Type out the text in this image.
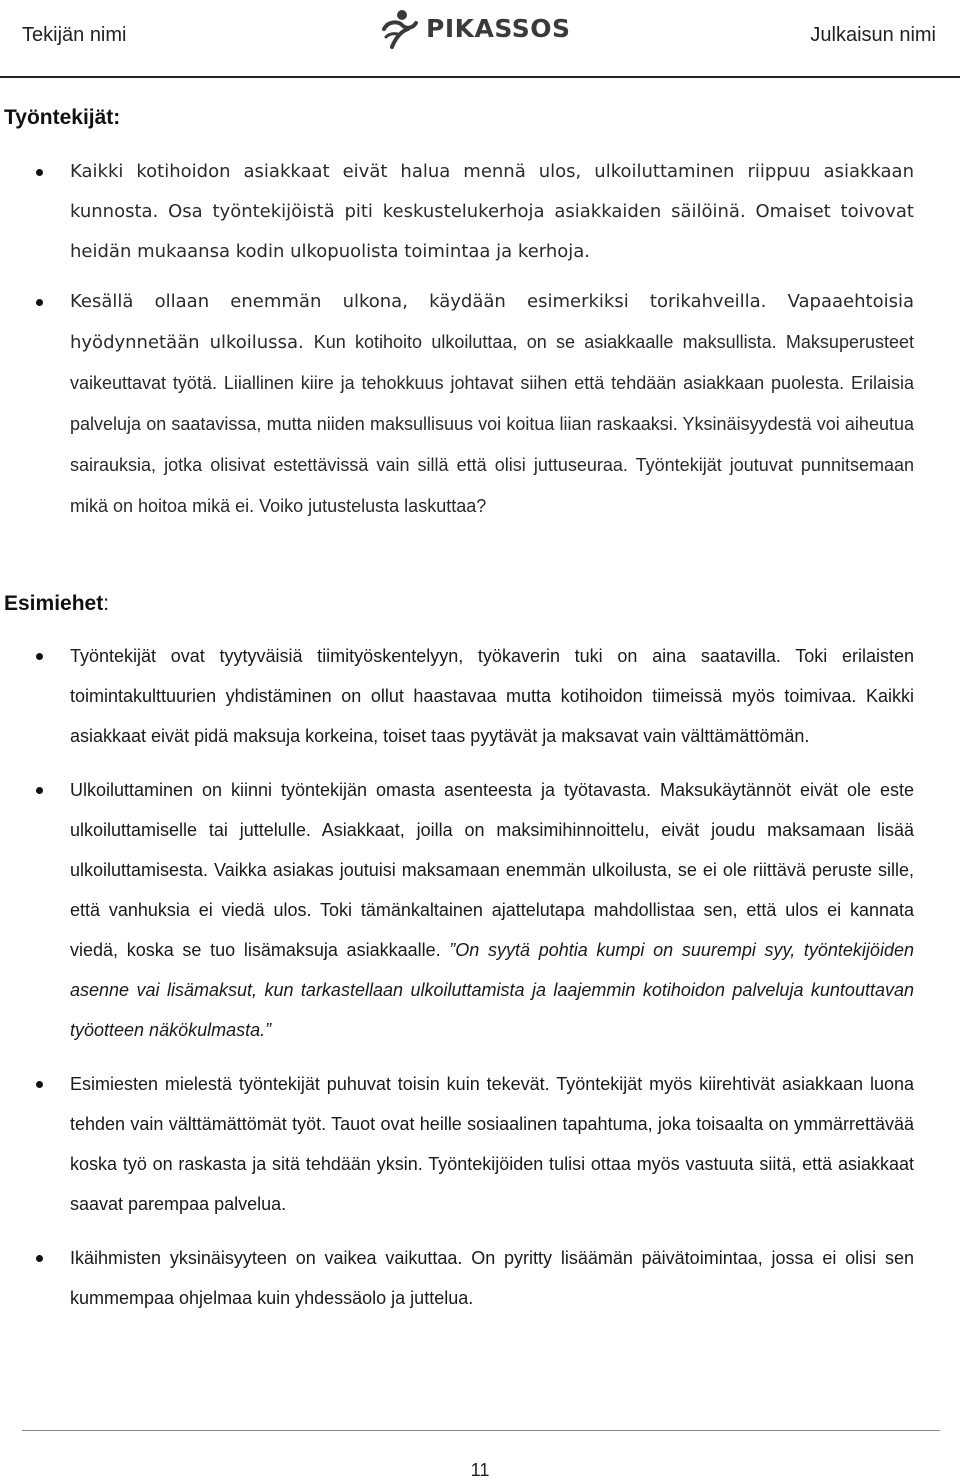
Tekijän nimi	PIKASSOS	Julkaisun nimi
Työntekijät:
Kaikki kotihoidon asiakkaat eivät halua mennä ulos, ulkoiluttaminen riippuu asiakkaan kunnosta. Osa työntekijöistä piti keskustelukerhoja asiakkaiden säilöinä. Omaiset toivovat heidän mukaansa kodin ulkopuolista toimintaa ja kerhoja.
Kesällä ollaan enemmän ulkona, käydään esimerkiksi torikahveilla. Vapaaehtoisia hyödynnetään ulkoilussa. Kun kotihoito ulkoiluttaa, on se asiakkaalle maksullista. Maksuperusteet vaikeuttavat työtä. Liiallinen kiire ja tehokkuus johtavat siihen että tehdään asiakkaan puolesta. Erilaisia palveluja on saatavissa, mutta niiden maksullisuus voi koitua liian raskaaksi. Yksinäisyydestä voi aiheutua sairauksia, jotka olisivat estettävissä vain sillä että olisi juttuseuraa. Työntekijät joutuvat punnitsemaan mikä on hoitoa mikä ei. Voiko jutustelusta laskuttaa?
Esimiehet:
Työntekijät ovat tyytyväisiä tiimityöskentelyyn, työkaverin tuki on aina saatavilla. Toki erilaisten toimintakulttuurien yhdistäminen on ollut haastavaa mutta kotihoidon tiimeissä myös toimivaa. Kaikki asiakkaat eivät pidä maksuja korkeina, toiset taas pyytävät ja maksavat vain välttämättömän.
Ulkoiluttaminen on kiinni työntekijän omasta asenteesta ja työtavasta. Maksukäytännöt eivät ole este ulkoiluttamiselle tai juttelulle. Asiakkaat, joilla on maksimihinnoittelu, eivät joudu maksamaan lisää ulkoiluttamisesta. Vaikka asiakas joutuisi maksamaan enemmän ulkoilusta, se ei ole riittävä peruste sille, että vanhuksia ei viedä ulos. Toki tämänkaltainen ajattelutapa mahdollistaa sen, että ulos ei kannata viedä, koska se tuo lisämaksuja asiakkaalle. ”On syytä pohtia kumpi on suurempi syy, työntekijöiden asenne vai lisämaksut, kun tarkastellaan ulkoiluttamista ja laajemmin kotihoidon palveluja kuntouttavan työotteen näkökulmasta.”
Esimiesten mielestä työntekijät puhuvat toisin kuin tekevät. Työntekijät myös kiirehtivät asiakkaan luona tehden vain välttämättömät työt. Tauot ovat heille sosiaalinen tapahtuma, joka toisaalta on ymmärrettävää koska työ on raskasta ja sitä tehdään yksin. Työntekijöiden tulisi ottaa myös vastuuta siitä, että asiakkaat saavat parempaa palvelua.
Ikäihmisten yksinäisyyteen on vaikea vaikuttaa. On pyritty lisäämän päivätoimintaa, jossa ei olisi sen kummempaa ohjelmaa kuin yhdessäolo ja juttelua.
11
